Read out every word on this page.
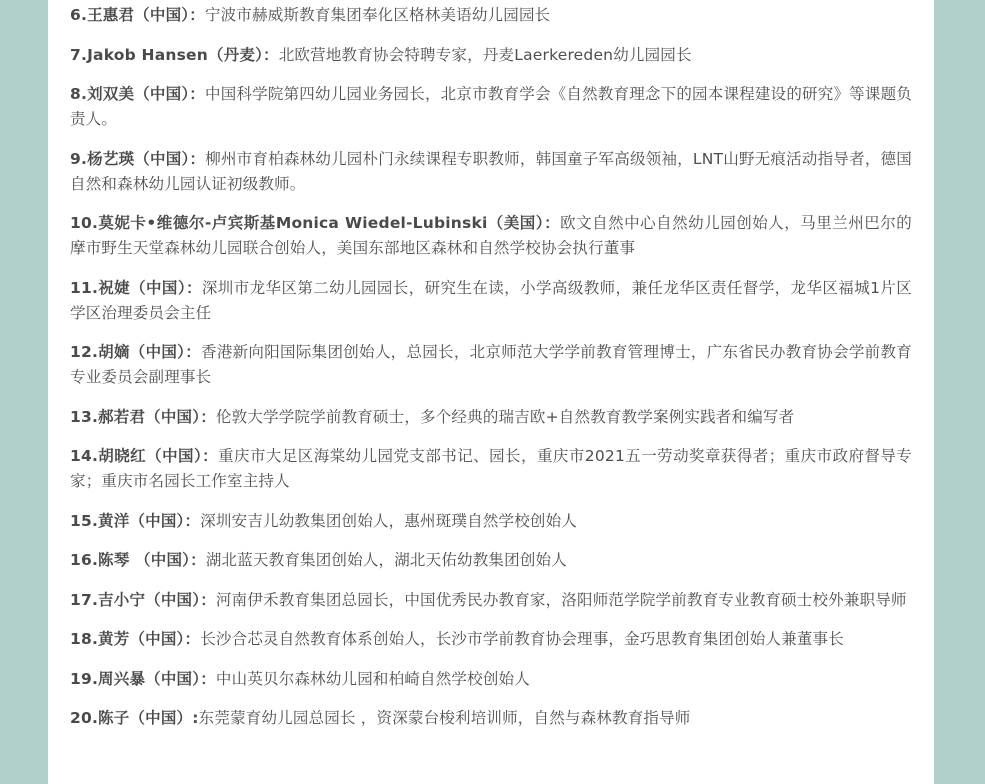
6.王惠君（中国）：宁波市赫威斯教育集团奉化区格林美语幼儿园园长
7.Jakob Hansen（丹麦）：北欧营地教育协会特聘专家，丹麦Laerkereden幼儿园园长
8.刘双美（中国）：中国科学院第四幼儿园业务园长，北京市教育学会《自然教育理念下的园本课程建设的研究》等课题负责人。
9.杨艺瑛（中国）：柳州市育柏森林幼儿园朴门永续课程专职教师，韩国童子军高级领袖，LNT山野无痕活动指导者，德国自然和森林幼儿园认证初级教师。
10.莫妮卡•维德尔-卢宾斯基Monica Wiedel-Lubinski（美国）：欧文自然中心自然幼儿园创始人，马里兰州巴尔的摩市野生天堂森林幼儿园联合创始人，美国东部地区森林和自然学校协会执行董事
11.祝婕（中国）：深圳市龙华区第二幼儿园园长，研究生在读，小学高级教师，兼任龙华区责任督学，龙华区福城1片区学区治理委员会主任
12.胡嫡（中国）：香港新向阳国际集团创始人，总园长，北京师范大学学前教育管理博士，广东省民办教育协会学前教育专业委员会副理事长
13.郝若君（中国）：伦敦大学学院学前教育硕士，多个经典的瑞吉欧+自然教育教学案例实践者和编写者
14.胡晓红（中国）：重庆市大足区海棠幼儿园党支部书记、园长，重庆市2021五一劳动奖章获得者；重庆市政府督导专家；重庆市名园长工作室主持人
15.黄洋（中国）：深圳安吉儿幼教集团创始人，惠州斑璞自然学校创始人
16.陈琴 （中国）：湖北蓝天教育集团创始人，湖北天佑幼教集团创始人
17.吉小宁（中国）：河南伊禾教育集团总园长，中国优秀民办教育家，洛阳师范学院学前教育专业教育硕士校外兼职导师
18.黄芳（中国）：长沙合芯灵自然教育体系创始人，长沙市学前教育协会理事，金巧思教育集团创始人兼董事长
19.周兴暴（中国）：中山英贝尔森林幼儿园和柏崎自然学校创始人
20.陈子（中国）:东莞蒙育幼儿园总园长 ，资深蒙台梭利培训师，自然与森林教育指导师
